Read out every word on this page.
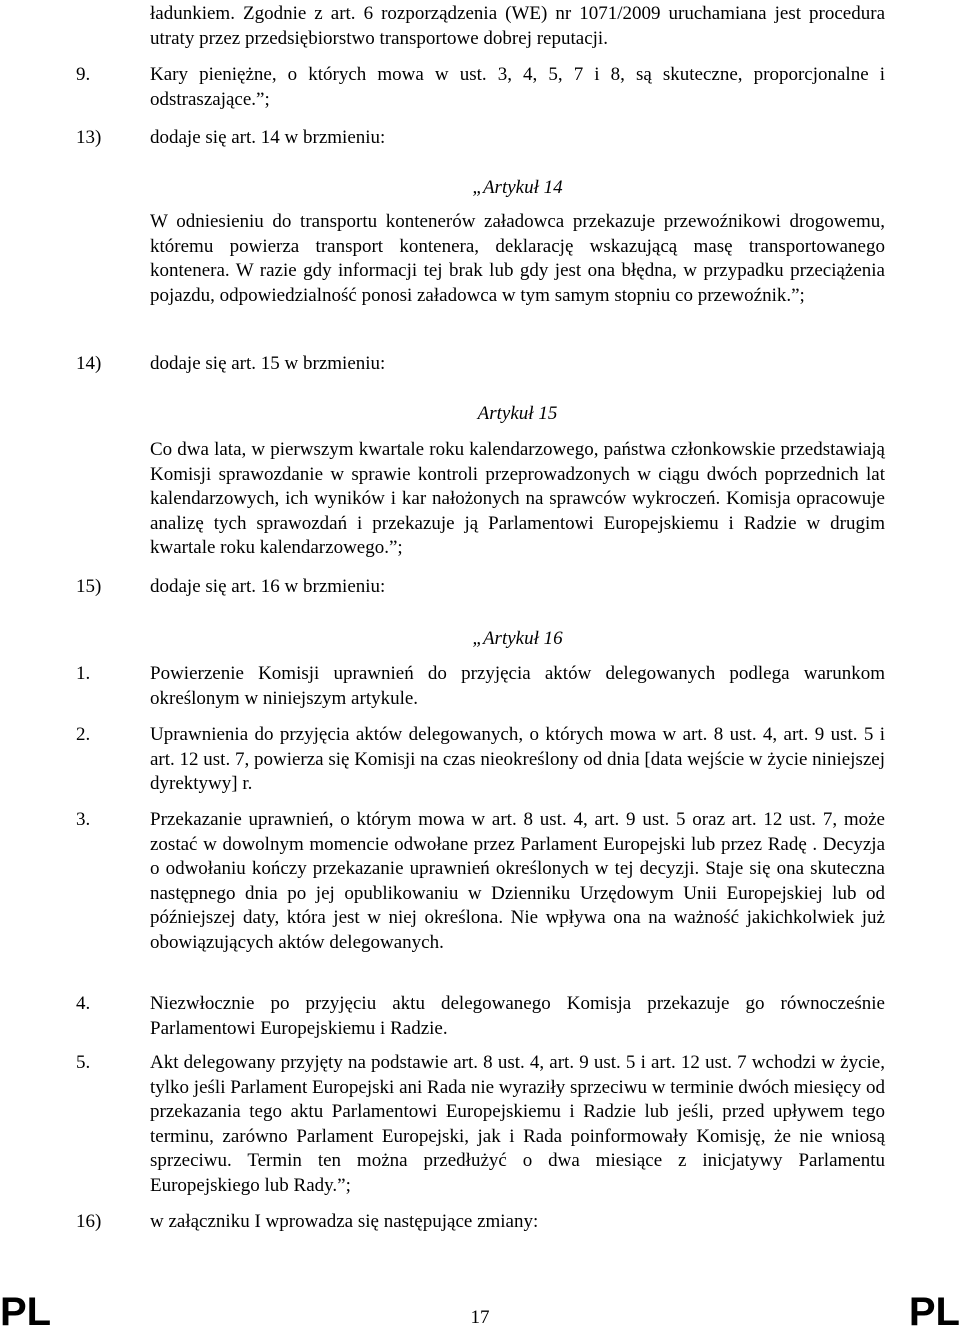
ładunkiem. Zgodnie z art. 6 rozporządzenia (WE) nr 1071/2009 uruchamiana jest procedura utraty przez przedsiębiorstwo transportowe dobrej reputacji.

9.	Kary pieniężne, o których mowa w ust. 3, 4, 5, 7 i 8, są skuteczne, proporcjonalne i odstraszające.”;

13)	dodaje się art. 14 w brzmieniu:

„Artykuł 14

W odniesieniu do transportu kontenerów załadowca przekazuje przewoźnikowi drogowemu, któremu powierza transport kontenera, deklarację wskazującą masę transportowanego kontenera. W razie gdy informacji tej brak lub gdy jest ona błędna, w przypadku przeciążenia pojazdu, odpowiedzialność ponosi załadowca w tym samym stopniu co przewoźnik.”;

14)	dodaje się art. 15 w brzmieniu:

Artykuł 15

Co dwa lata, w pierwszym kwartale roku kalendarzowego, państwa członkowskie przedstawiają Komisji sprawozdanie w sprawie kontroli przeprowadzonych w ciągu dwóch poprzednich lat kalendarzowych, ich wyników i kar nałożonych na sprawców wykroczeń. Komisja opracowuje analizę tych sprawozdań i przekazuje ją Parlamentowi Europejskiemu i Radzie w drugim kwartale roku kalendarzowego.”;

15)	dodaje się art. 16 w brzmieniu:

„Artykuł 16

1.	Powierzenie Komisji uprawnień do przyjęcia aktów delegowanych podlega warunkom określonym w niniejszym artykule.

2.	Uprawnienia do przyjęcia aktów delegowanych, o których mowa w art. 8 ust. 4, art. 9 ust. 5 i art. 12 ust. 7, powierza się Komisji na czas nieokreślony od dnia [data wejście w życie niniejszej dyrektywy] r.

3.	Przekazanie uprawnień, o którym mowa w art. 8 ust. 4, art. 9 ust. 5 oraz art. 12 ust. 7, może zostać w dowolnym momencie odwołane przez Parlament Europejski lub przez Radę . Decyzja o odwołaniu kończy przekazanie uprawnień określonych w tej decyzji. Staje się ona skuteczna następnego dnia po jej opublikowaniu w Dzienniku Urzędowym Unii Europejskiej lub od późniejszej daty, która jest w niej określona. Nie wpływa ona na ważność jakichkolwiek już obowiązujących aktów delegowanych.

4.	Niezwłocznie po przyjęciu aktu delegowanego Komisja przekazuje go równocześnie Parlamentowi Europejskiemu i Radzie.

5.	Akt delegowany przyjęty na podstawie art. 8 ust. 4, art. 9 ust. 5 i art. 12 ust. 7 wchodzi w życie, tylko jeśli Parlament Europejski ani Rada nie wyraziły sprzeciwu w terminie dwóch miesięcy od przekazania tego aktu Parlamentowi Europejskiemu i Radzie lub jeśli, przed upływem tego terminu, zarówno Parlament Europejski, jak i Rada poinformowały Komisję, że nie wniosą sprzeciwu. Termin ten można przedłużyć o dwa miesiące z inicjatywy Parlamentu Europejskiego lub Rady.”;

16)	w załączniku I wprowadza się następujące zmiany:

PL	17	PL
